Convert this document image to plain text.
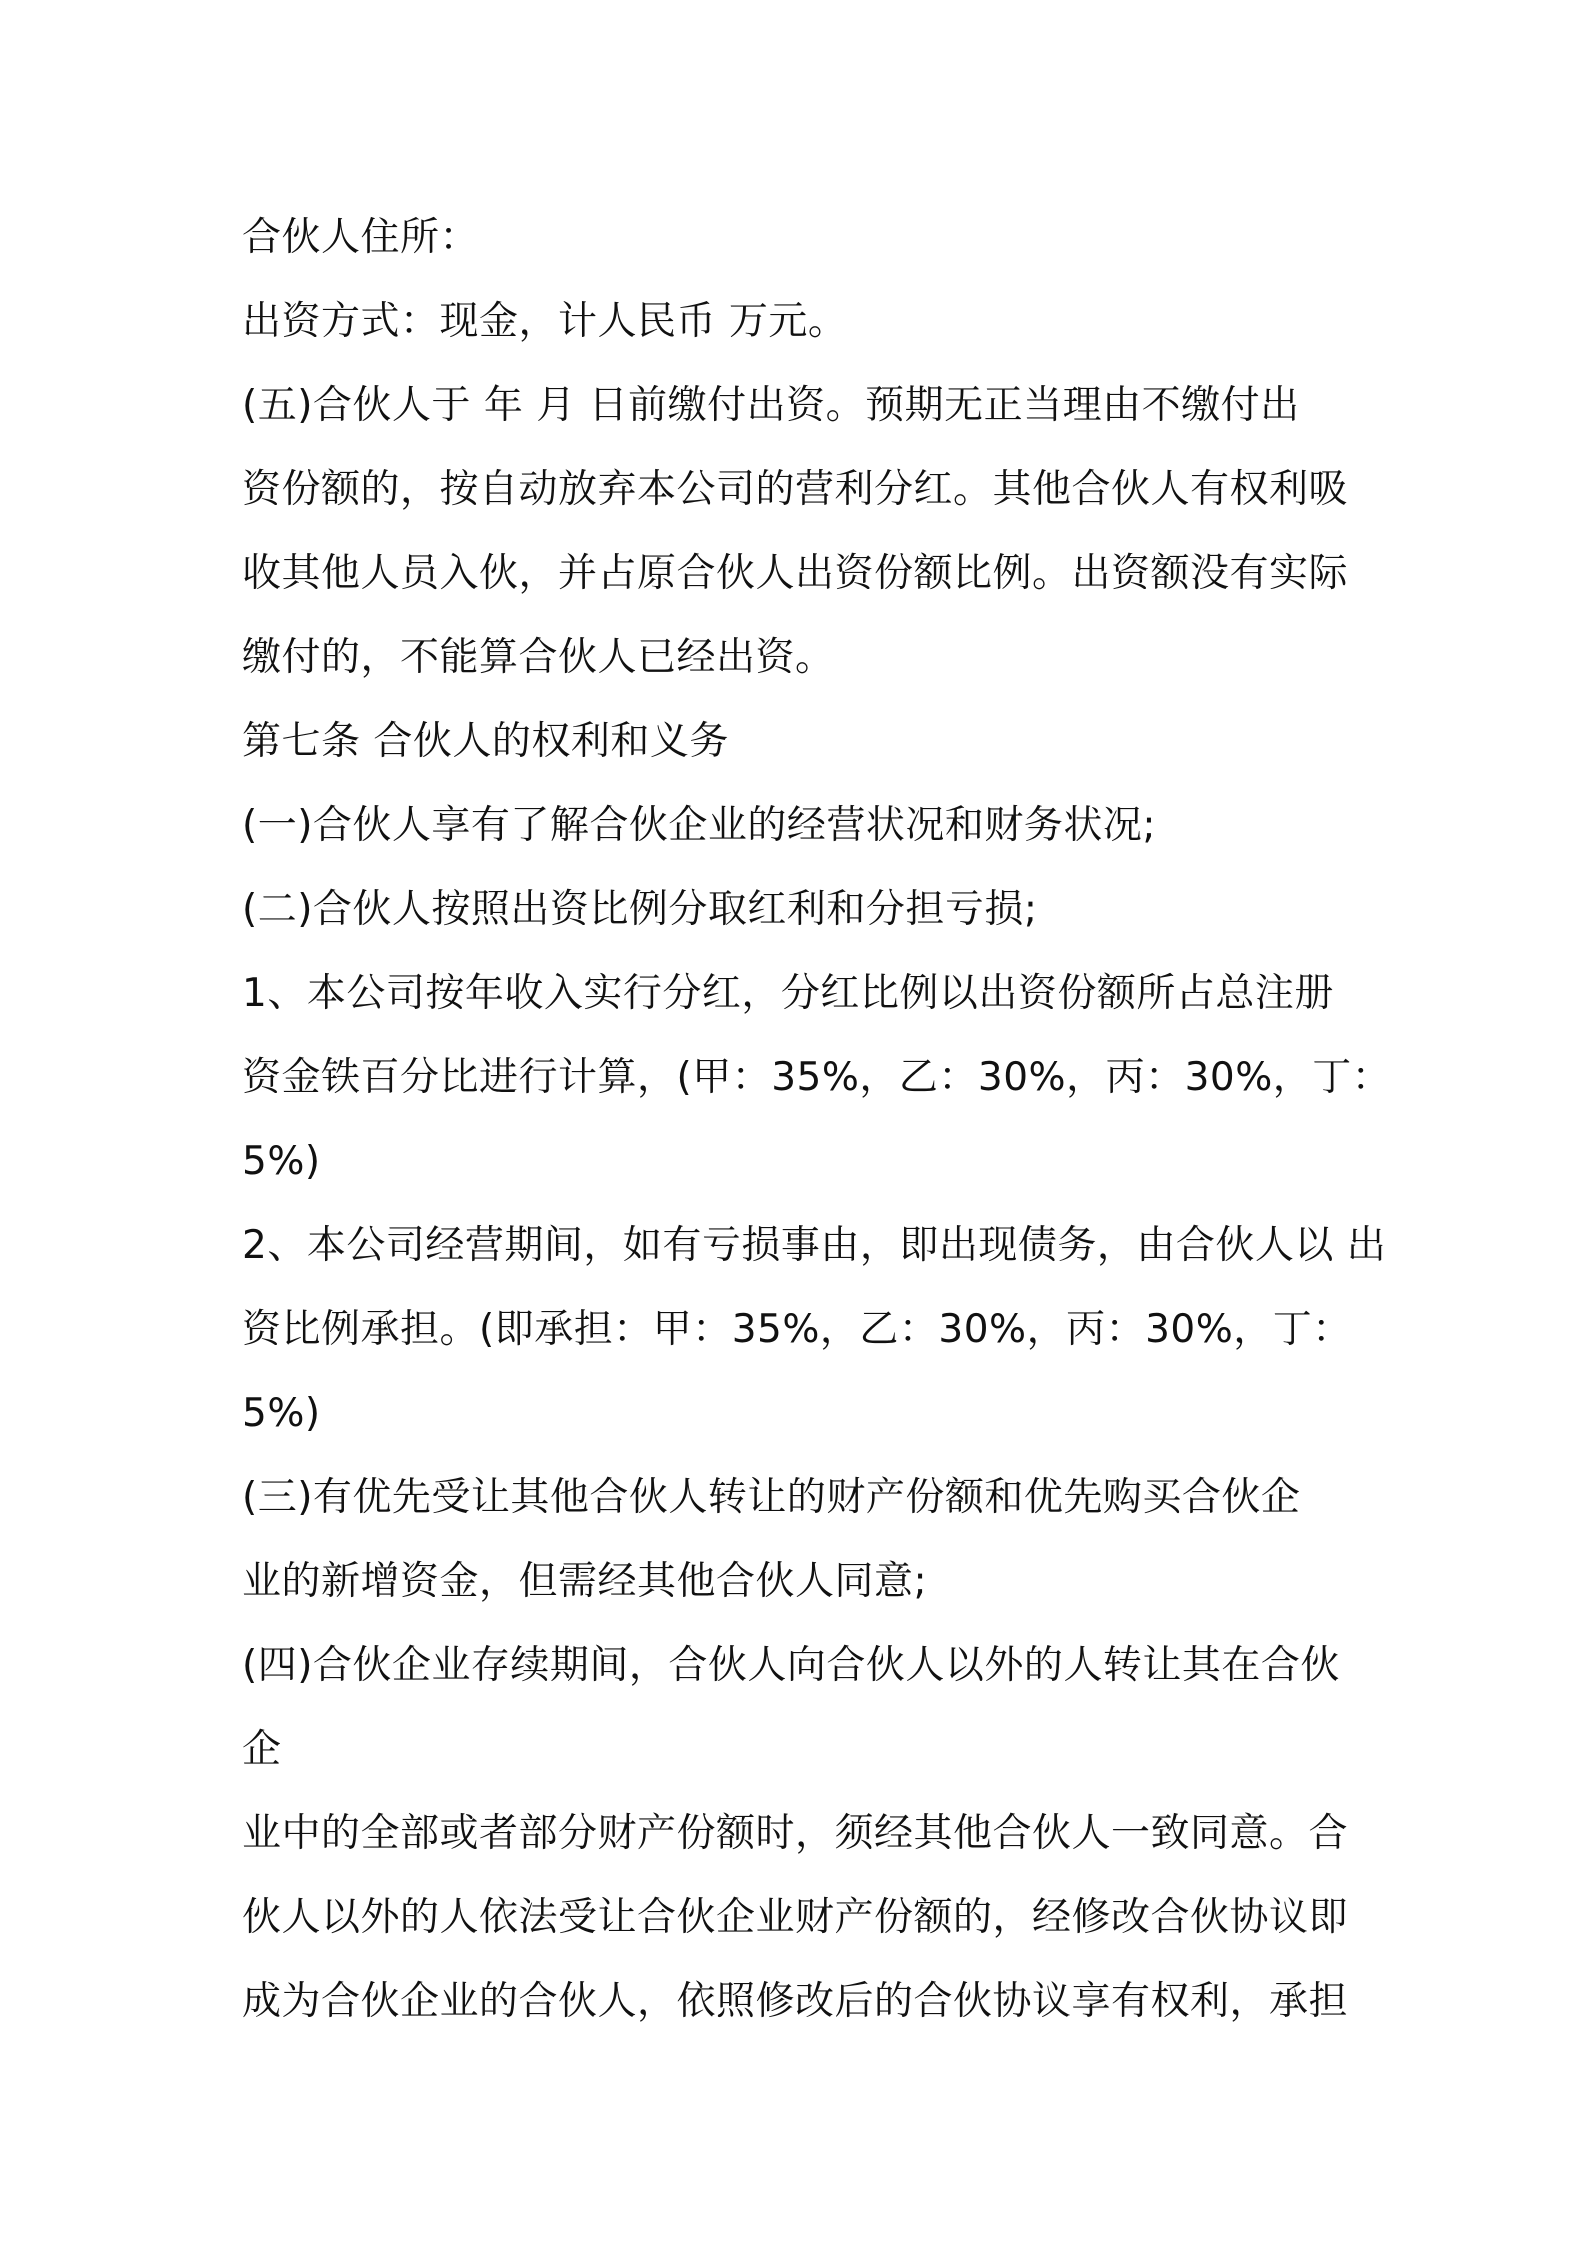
合伙人住所：
出资方式：现金，计人民币 万元。
(五)合伙人于 年 月 日前缴付出资。预期无正当理由不缴付出
资份额的，按自动放弃本公司的营利分红。其他合伙人有权利吸
收其他人员入伙，并占原合伙人出资份额比例。出资额没有实际
缴付的，不能算合伙人已经出资。
第七条 合伙人的权利和义务
(一)合伙人享有了解合伙企业的经营状况和财务状况;
(二)合伙人按照出资比例分取红利和分担亏损;
1、本公司按年收入实行分红，分红比例以出资份额所占总注册
资金铁百分比进行计算，(甲：35%，乙：30%，丙：30%，丁：
5%)
2、本公司经营期间，如有亏损事由，即出现债务，由合伙人以 出
资比例承担。(即承担：甲：35%，乙：30%，丙：30%，丁：
5%)
(三)有优先受让其他合伙人转让的财产份额和优先购买合伙企
业的新增资金，但需经其他合伙人同意;
(四)合伙企业存续期间，合伙人向合伙人以外的人转让其在合伙
企
业中的全部或者部分财产份额时，须经其他合伙人一致同意。合
伙人以外的人依法受让合伙企业财产份额的，经修改合伙协议即
成为合伙企业的合伙人，依照修改后的合伙协议享有权利，承担
